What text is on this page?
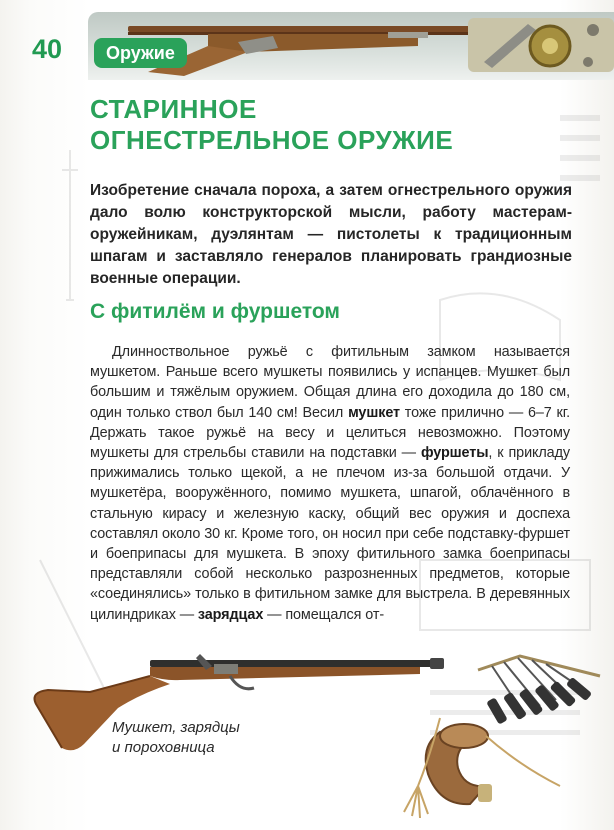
40	Оружие
СТАРИННОЕ
ОГНЕСТРЕЛЬНОЕ ОРУЖИЕ

Изобретение сначала пороха, а затем огнестрельного оружия дало волю конструкторской мысли, работу мастерам-оружейникам, дуэлянтам — пистолеты к традиционным шпагам и заставляло генералов планировать грандиозные военные операции.

С фитилём и фуршетом

Длинноствольное ружьё с фитильным замком называется мушкетом. Раньше всего мушкеты появились у испанцев. Мушкет был большим и тяжёлым оружием. Общая длина его доходила до 180 см, один только ствол был 140 см! Весил мушкет тоже прилично — 6–7 кг. Держать такое ружьё на весу и целиться невозможно. Поэтому мушкеты для стрельбы ставили на подставки — фуршеты, к прикладу прижимались только щекой, а не плечом из-за большой отдачи. У мушкетёра, вооружённого, помимо мушкета, шпагой, облачённого в стальную кирасу и железную каску, общий вес оружия и доспеха составлял около 30 кг. Кроме того, он носил при себе подставку-фуршет и боеприпасы для мушкета. В эпоху фитильного замка боеприпасы представляли собой несколько разрозненных предметов, которые «соединялись» только в фитильном замке для выстрела. В деревянных цилиндриках — зарядцах — помещался от-

Мушкет, зарядцы
и пороховница
